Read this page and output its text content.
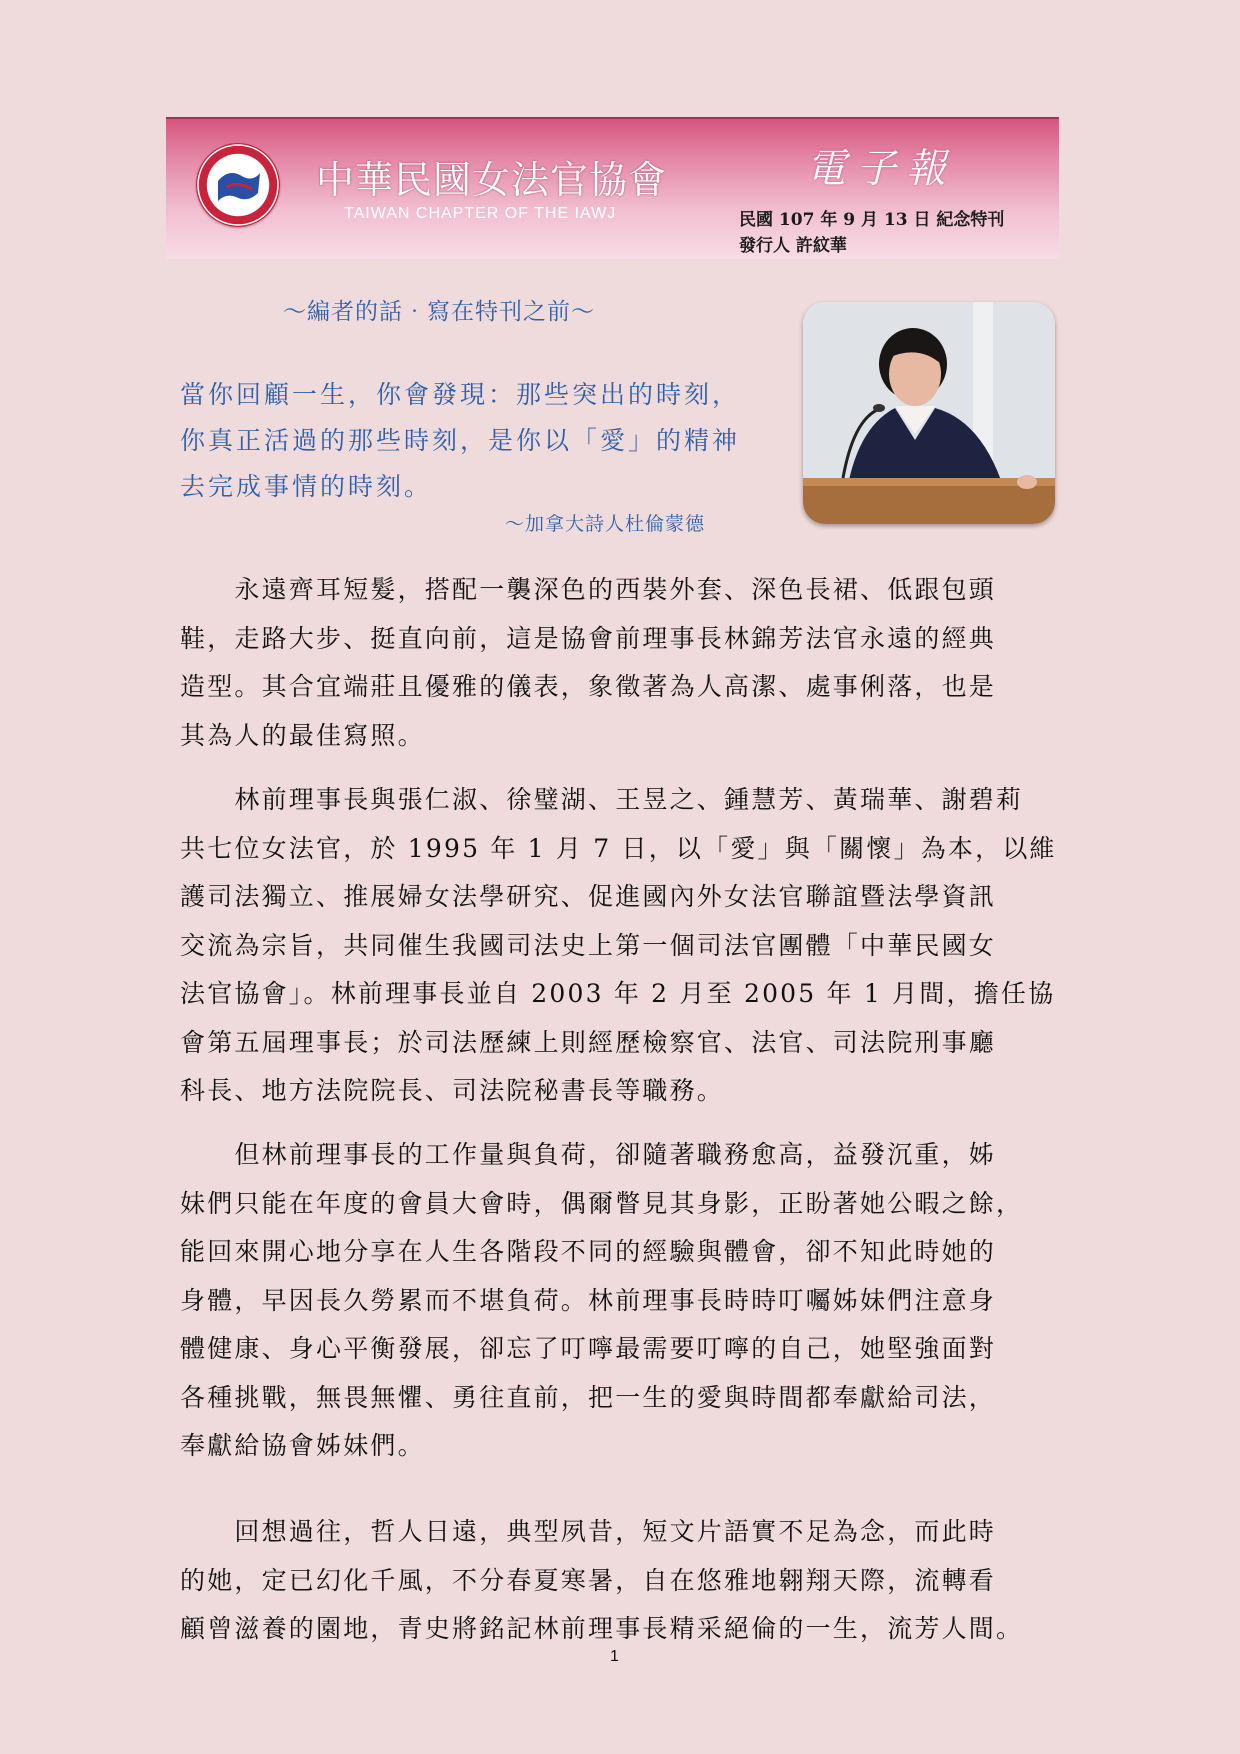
中華民國女法官協會
TAIWAN CHAPTER OF THE IAWJ
電子報
民國 107 年 9 月 13 日 紀念特刊
發行人 許紋華
～編者的話‧寫在特刊之前～
當你回顧一生，你會發現：那些突出的時刻，
你真正活過的那些時刻，是你以「愛」的精神
去完成事情的時刻。
～加拿大詩人杜倫蒙德
　　永遠齊耳短髮，搭配一襲深色的西裝外套、深色長裙、低跟包頭
鞋，走路大步、挺直向前，這是協會前理事長林錦芳法官永遠的經典
造型。其合宜端莊且優雅的儀表，象徵著為人高潔、處事俐落，也是
其為人的最佳寫照。
　　林前理事長與張仁淑、徐璧湖、王昱之、鍾慧芳、黃瑞華、謝碧莉
共七位女法官，於 1995 年 1 月 7 日，以「愛」與「關懷」為本，以維
護司法獨立、推展婦女法學研究、促進國內外女法官聯誼暨法學資訊
交流為宗旨，共同催生我國司法史上第一個司法官團體「中華民國女
法官協會」。林前理事長並自 2003 年 2 月至 2005 年 1 月間，擔任協
會第五屆理事長；於司法歷練上則經歷檢察官、法官、司法院刑事廳
科長、地方法院院長、司法院秘書長等職務。
　　但林前理事長的工作量與負荷，卻隨著職務愈高，益發沉重，姊
妹們只能在年度的會員大會時，偶爾瞥見其身影，正盼著她公暇之餘，
能回來開心地分享在人生各階段不同的經驗與體會，卻不知此時她的
身體，早因長久勞累而不堪負荷。林前理事長時時叮囑姊妹們注意身
體健康、身心平衡發展，卻忘了叮嚀最需要叮嚀的自己，她堅強面對
各種挑戰，無畏無懼、勇往直前，把一生的愛與時間都奉獻給司法，
奉獻給協會姊妹們。
　　回想過往，哲人日遠，典型夙昔，短文片語實不足為念，而此時
的她，定已幻化千風，不分春夏寒暑，自在悠雅地翱翔天際，流轉看
顧曾滋養的園地，青史將銘記林前理事長精采絕倫的一生，流芳人間。
1
